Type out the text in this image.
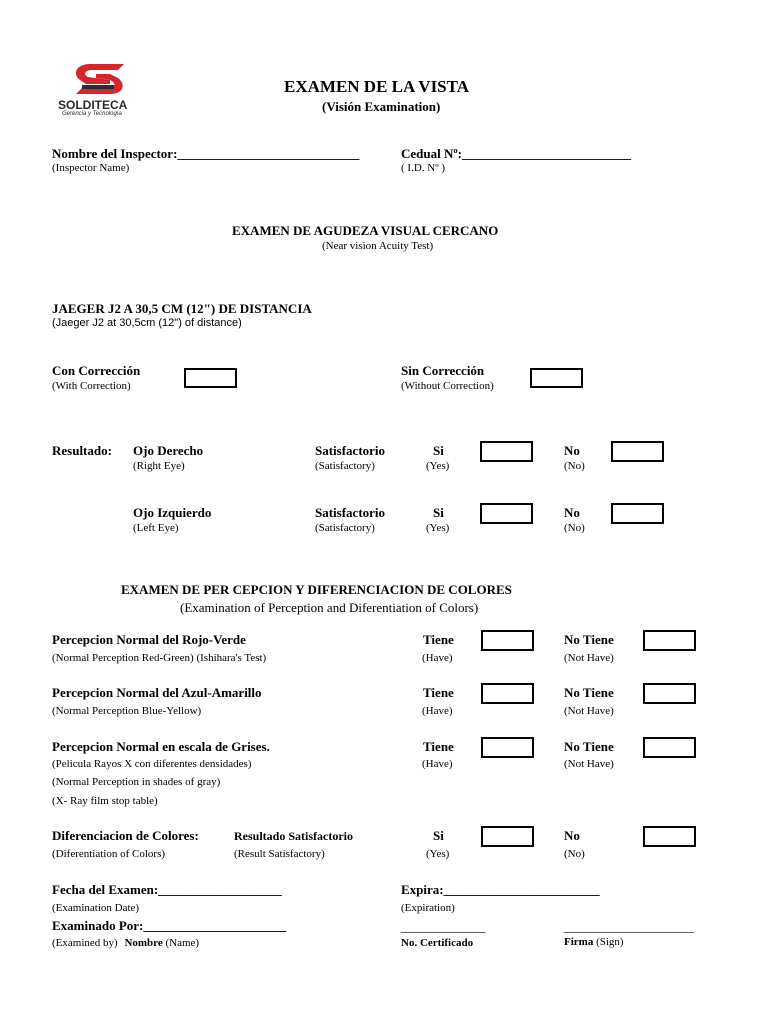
SOLDITECA
Gerencia y Tecnología
EXAMEN DE LA VISTA
(Visión Examination)
Nombre del Inspector:____________________________
(Inspector Name)
Cedual Nº:__________________________
( I.D. Nº )
EXAMEN DE AGUDEZA VISUAL CERCANO
(Near vision Acuity Test)
JAEGER J2 A 30,5 CM (12") DE DISTANCIA
(Jaeger J2 at 30,5cm (12") of distance)
Con Corrección
(With Correction)
Sin Corrección
(Without Correction)
Resultado: Ojo Derecho
(Right Eye)
Satisfactorio
(Satisfactory)
Si
(Yes)
No
(No)
Ojo Izquierdo
(Left Eye)
Satisfactorio
(Satisfactory)
Si
(Yes)
No
(No)
EXAMEN DE PER CEPCION Y DIFERENCIACION DE COLORES
(Examination of Perception and Diferentiation of Colors)
Percepcion Normal del Rojo-Verde
(Normal Perception Red-Green) (Ishihara's Test)
Tiene
(Have)
No Tiene
(Not Have)
Percepcion Normal del Azul-Amarillo
(Normal Perception Blue-Yellow)
Tiene
(Have)
No Tiene
(Not Have)
Percepcion Normal en escala de Grises.
(Pelicula Rayos X con diferentes densidades)
(Normal Perception in shades of gray)
(X- Ray film stop table)
Tiene
(Have)
No Tiene
(Not Have)
Diferenciacion de Colores:
(Diferentiation of Colors)
Resultado Satisfactorio
(Result Satisfactory)
Si
(Yes)
No
(No)
Fecha del Examen:___________________
(Examination Date)
Expira:________________________
(Expiration)
Examinado Por:______________________
(Examined by) Nombre (Name)
_____________
No. Certificado
____________________
Firma (Sign)
